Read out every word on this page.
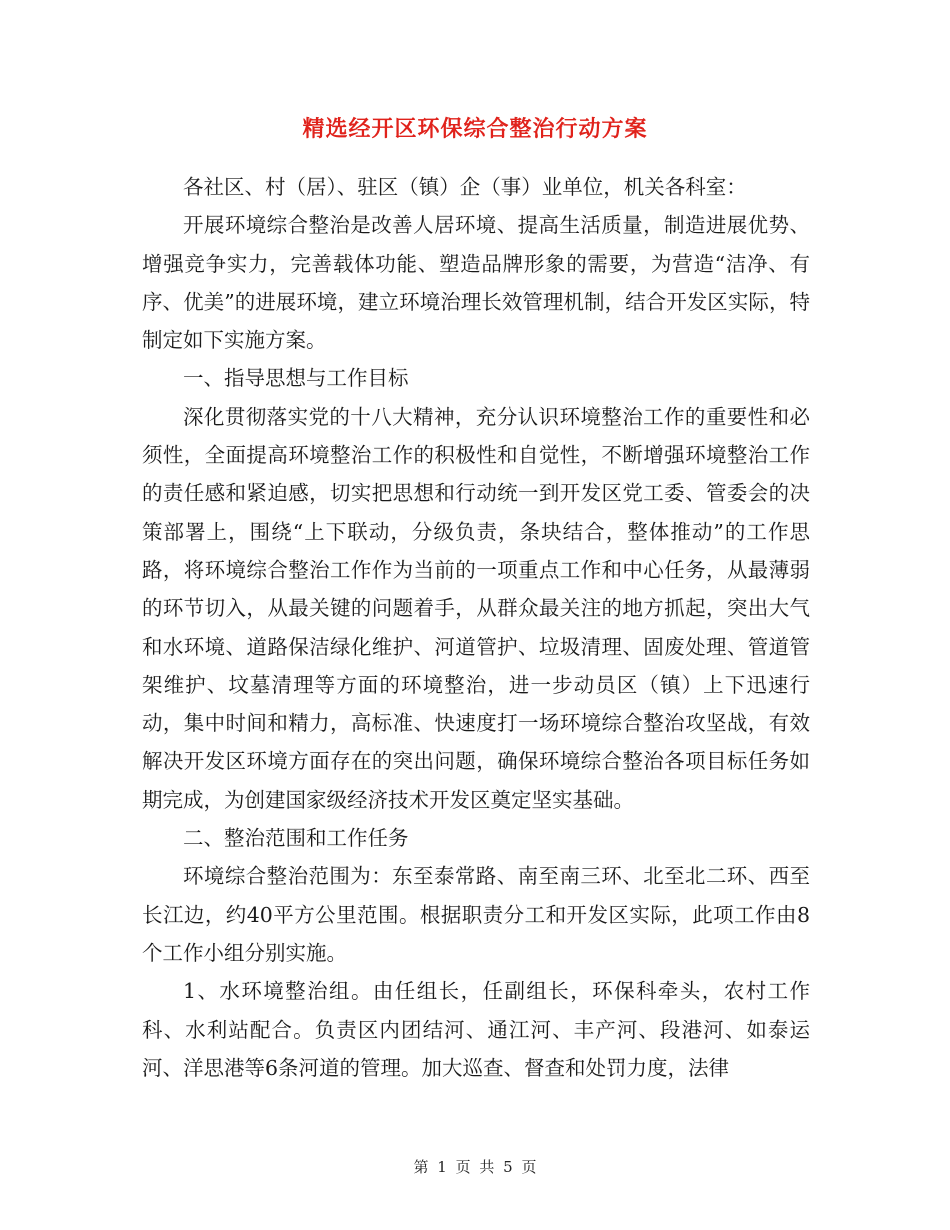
精选经开区环保综合整治行动方案

各社区、村（居）、驻区（镇）企（事）业单位，机关各科室：

开展环境综合整治是改善人居环境、提高生活质量，制造进展优势、增强竞争实力，完善载体功能、塑造品牌形象的需要，为营造“洁净、有序、优美”的进展环境，建立环境治理长效管理机制，结合开发区实际，特制定如下实施方案。

一、指导思想与工作目标

深化贯彻落实党的十八大精神，充分认识环境整治工作的重要性和必须性，全面提高环境整治工作的积极性和自觉性，不断增强环境整治工作的责任感和紧迫感，切实把思想和行动统一到开发区党工委、管委会的决策部署上，围绕“上下联动，分级负责，条块结合，整体推动”的工作思路，将环境综合整治工作作为当前的一项重点工作和中心任务，从最薄弱的环节切入，从最关键的问题着手，从群众最关注的地方抓起，突出大气和水环境、道路保洁绿化维护、河道管护、垃圾清理、固废处理、管道管架维护、坟墓清理等方面的环境整治，进一步动员区（镇）上下迅速行动，集中时间和精力，高标准、快速度打一场环境综合整治攻坚战，有效解决开发区环境方面存在的突出问题，确保环境综合整治各项目标任务如期完成，为创建国家级经济技术开发区奠定坚实基础。

二、整治范围和工作任务

环境综合整治范围为：东至泰常路、南至南三环、北至北二环、西至长江边，约40平方公里范围。根据职责分工和开发区实际，此项工作由8个工作小组分别实施。

1、水环境整治组。由任组长，任副组长，环保科牵头，农村工作科、水利站配合。负责区内团结河、通江河、丰产河、段港河、如泰运河、洋思港等6条河道的管理。加大巡查、督查和处罚力度，法律

第 1 页 共 5 页
